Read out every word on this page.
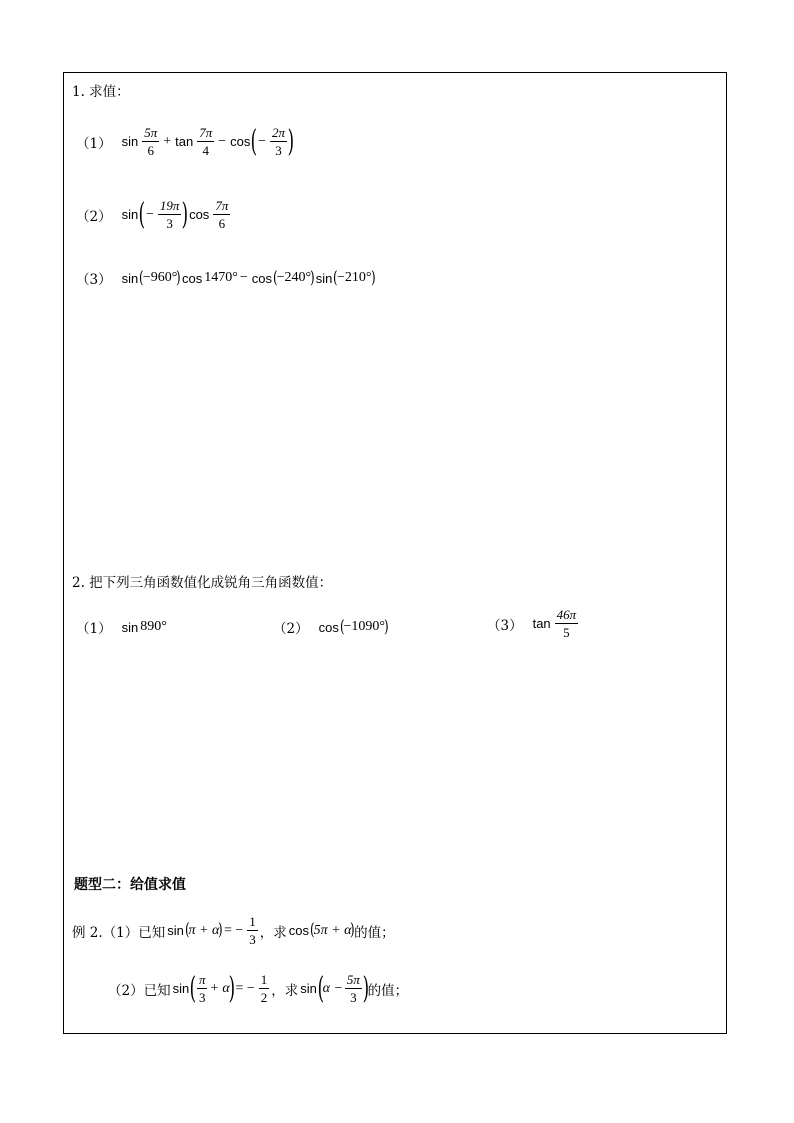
1. 求值：
（1） $\sin \frac{5\pi}{6} + \tan \frac{7\pi}{4} - \cos$ ( − $\frac{2\pi}{3}$ )
（2） sin ( − $\frac{19\pi}{3}$ ) $\cos \frac{7\pi}{6}$
（3） sin (
−960°
) cos 1470° − cos (
−240°
) sin (
−210°
)
2. 把下列三角函数值化成锐角三角函数值：
（1） sin 890°	（2） cos (
−1090°
)	（3） $\tan \frac{46\pi}{5}$
题型二：给值求值
例 2.（1）已知 sin (
π + α
) = − $\frac{1}{3}$ ，求 cos (
5π + α
)
的值；
（2）已知 sin ( $\frac{\pi}{3} + \alpha$
) = − $\frac{1}{2}$ ，求 sin (
$\alpha - \frac{5\pi}{3}$ )
的值；
